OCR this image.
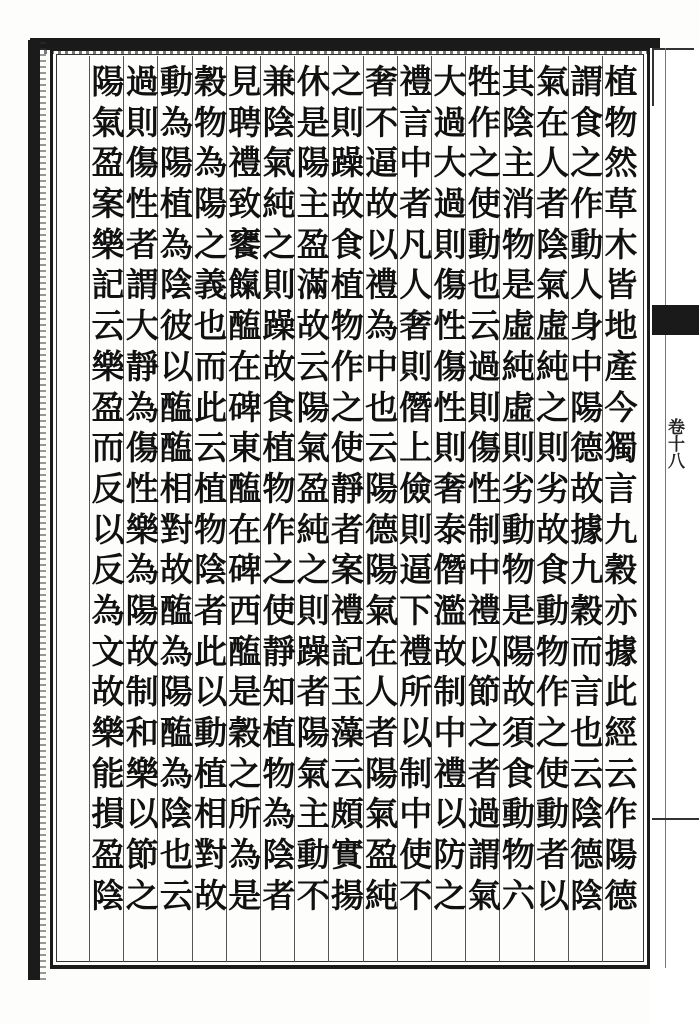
植
物
然
草
木
皆
地
產
今
獨
言
九
穀
亦
據
此
經
云
作
陽
德
謂
食
之
作
動
人
身
中
陽
德
故
據
九
穀
而
言
也
云
陰
德
陰
氣
在
人
者
陰
氣
虛
純
之
則
劣
故
食
動
物
作
之
使
動
者
以
其
陰
主
消
物
是
虛
純
虛
則
劣
動
物
是
陽
故
須
食
動
物
六
牲
作
之
使
動
也
云
過
則
傷
性
制
中
禮
以
節
之
者
過
謂
氣
大
過
大
過
則
傷
性
傷
性
則
奢
泰
僭
濫
故
制
中
禮
以
防
之
禮
言
中
者
凡
人
奢
則
僭
上
儉
則
逼
下
禮
所
以
制
中
使
不
奢
不
逼
故
以
禮
為
中
也
云
陽
德
陽
氣
在
人
者
陽
氣
盈
純
之
則
躁
故
食
植
物
作
之
使
靜
者
案
禮
記
玉
藻
云
頗
實
揚
休
是
陽
主
盈
滿
故
云
陽
氣
盈
純
之
則
躁
者
陽
氣
主
動
不
兼
陰
氣
純
之
則
躁
故
食
植
物
作
之
使
靜
知
植
物
為
陰
者
見
聘
禮
致
饔
餼
醢
在
碑
東
醢
在
碑
西
醢
是
穀
之
所
為
是
穀
物
為
陽
之
義
也
而
此
云
植
物
陰
者
此
以
動
植
相
對
故
動
為
陽
植
為
陰
彼
以
醢
醢
相
對
故
醢
為
陽
醢
為
陰
也
云
過
則
傷
性
者
謂
大
靜
為
傷
性
樂
為
陽
故
制
和
樂
以
節
之
陽
氣
盈
案
樂
記
云
樂
盈
而
反
以
反
為
文
故
樂
能
損
盈
陰
卷十八
